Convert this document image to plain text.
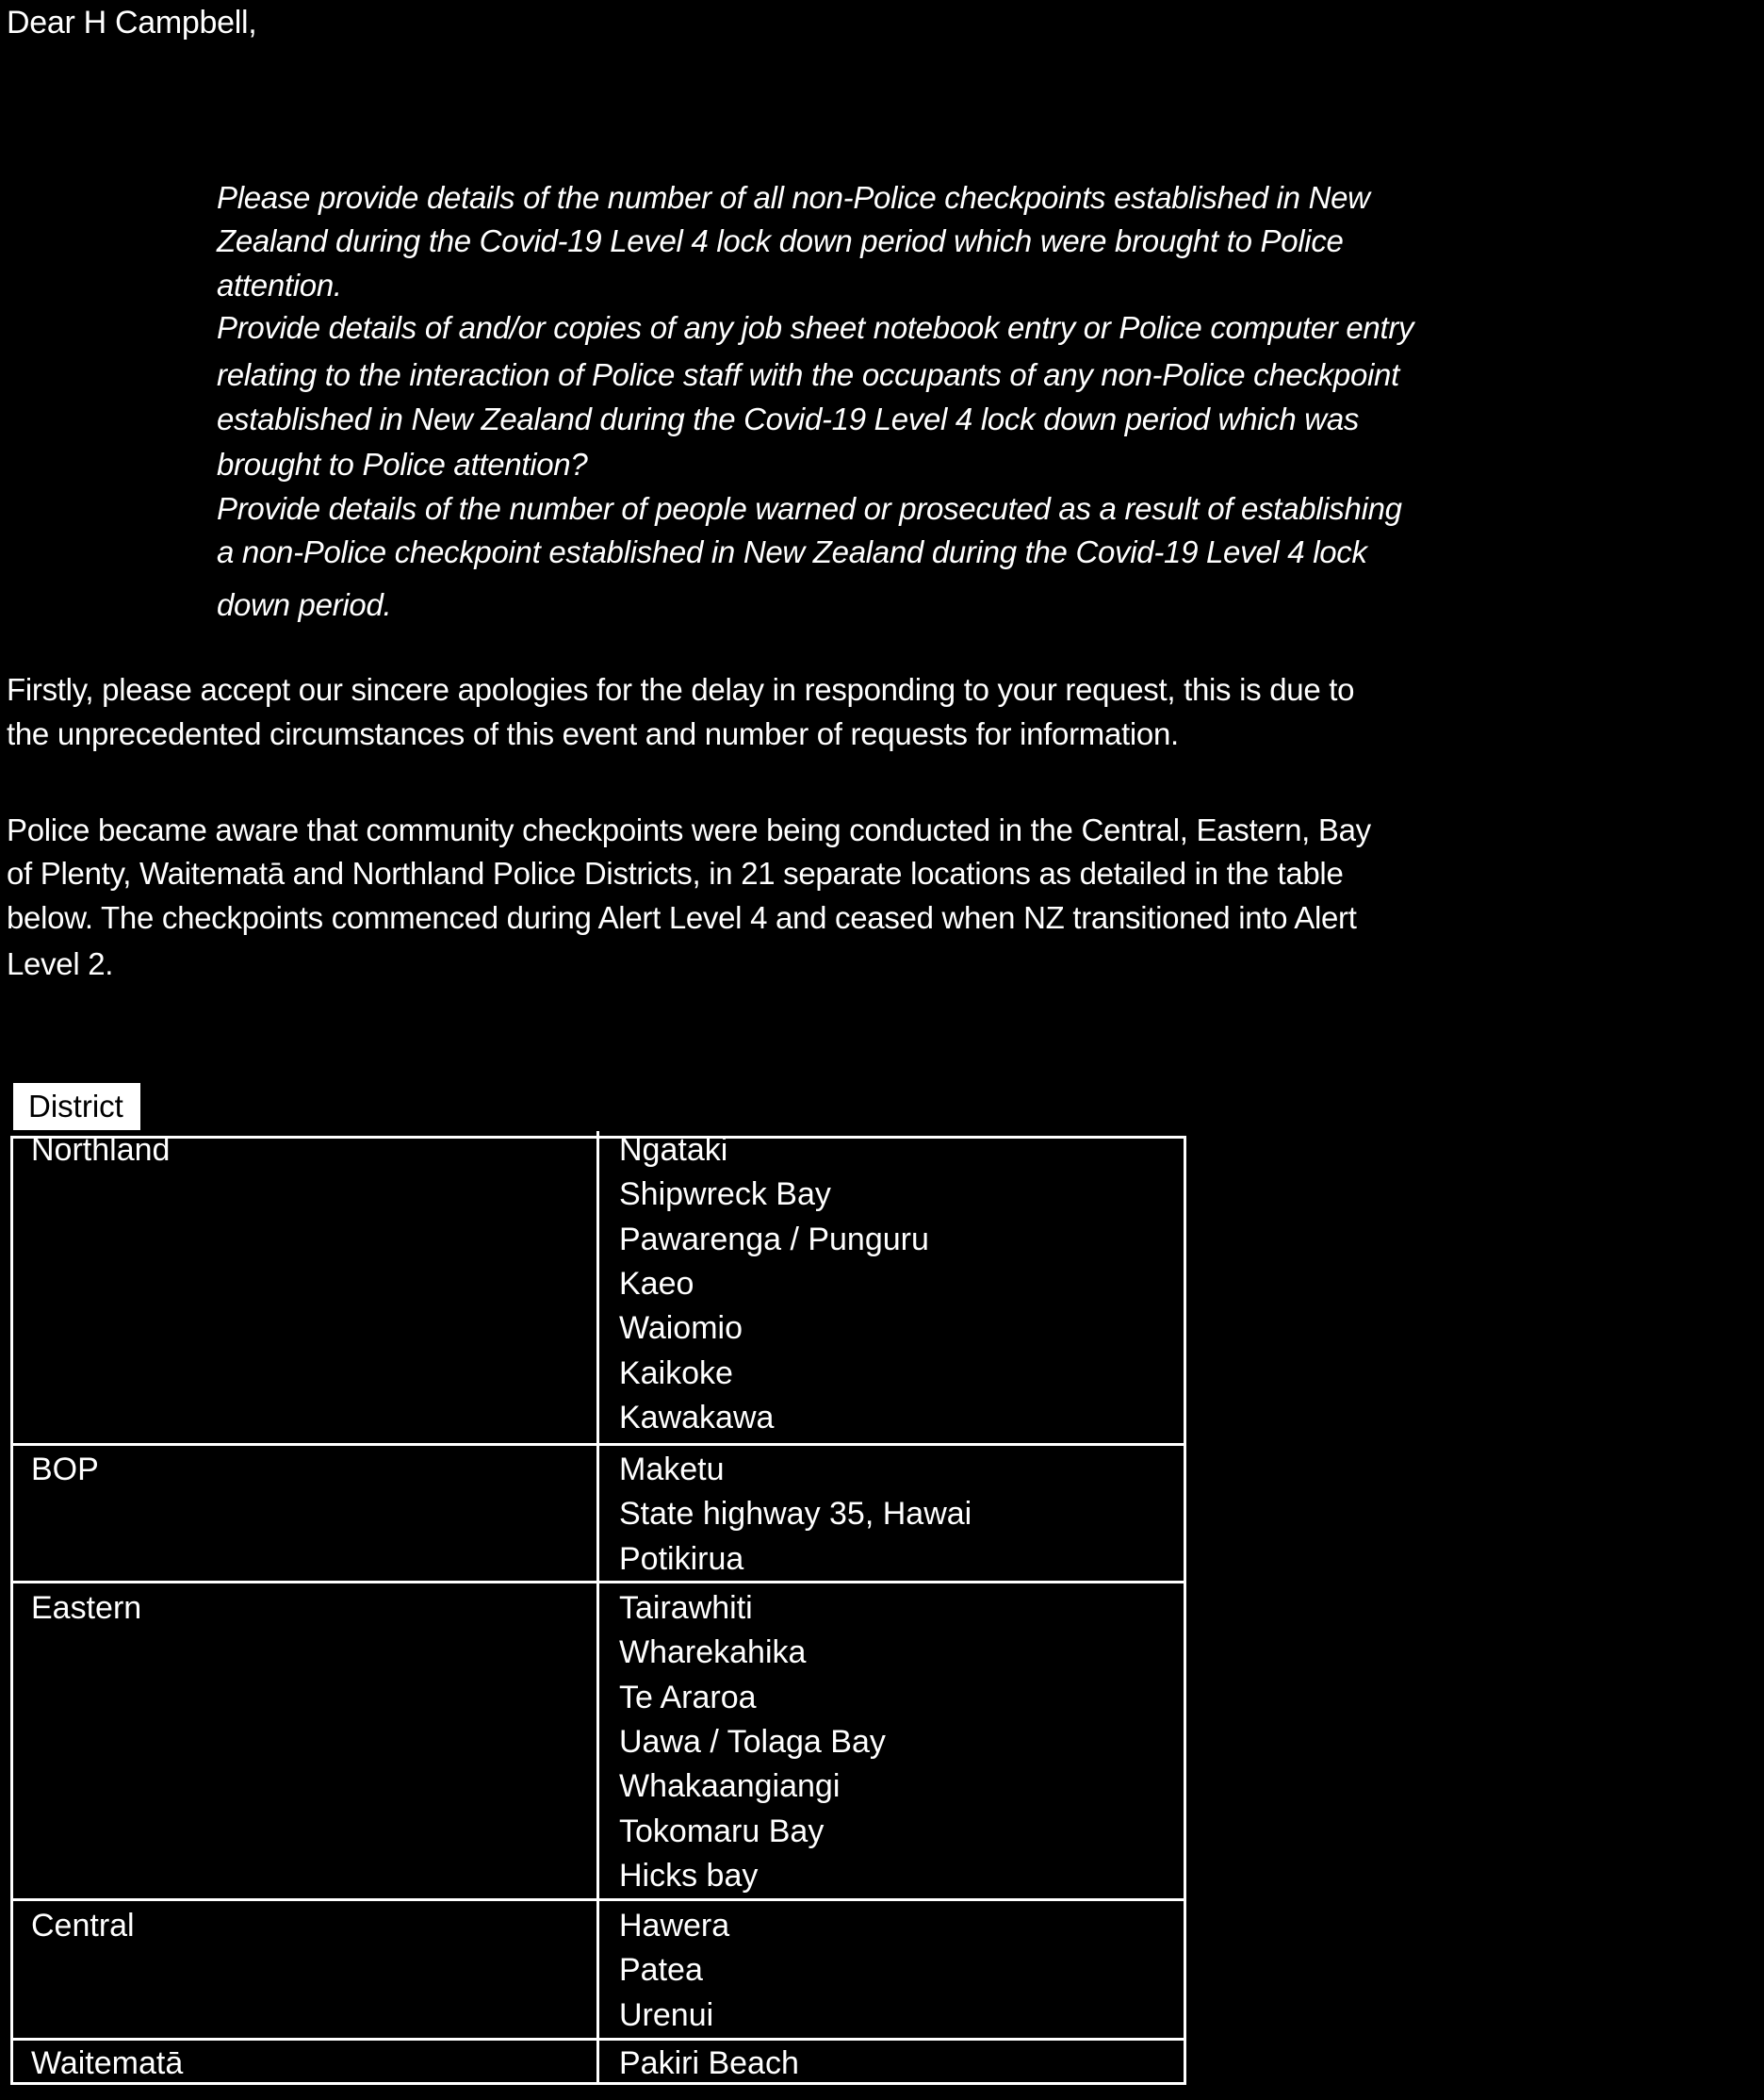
Dear H Campbell,
Please provide details of the number of all non-Police checkpoints established in New
Zealand during the Covid-19 Level 4 lock down period which were brought to Police
attention.
Provide details of and/or copies of any job sheet notebook entry or Police computer entry
relating to the interaction of Police staff with the occupants of any non-Police checkpoint
established in New Zealand during the Covid-19 Level 4 lock down period which was
brought to Police attention?
Provide details of the number of people warned or prosecuted as a result of establishing
a non-Police checkpoint established in New Zealand during the Covid-19 Level 4 lock
down period.
Firstly, please accept our sincere apologies for the delay in responding to your request, this is due to
the unprecedented circumstances of this event and number of requests for information.
Police became aware that community checkpoints were being conducted in the Central, Eastern, Bay
of Plenty, Waitematā and Northland Police Districts, in 21 separate locations as detailed in the table
below. The checkpoints commenced during Alert Level 4 and ceased when NZ transitioned into Alert
Level 2.
District
Northland	Ngataki
Shipwreck Bay
Pawarenga / Punguru
Kaeo
Waiomio
Kaikoke
Kawakawa
BOP	Maketu
State highway 35, Hawai
Potikirua
Eastern	Tairawhiti
Wharekahika
Te Araroa
Uawa / Tolaga Bay
Whakaangiangi
Tokomaru Bay
Hicks bay
Central	Hawera
Patea
Urenui
Waitematā	Pakiri Beach
